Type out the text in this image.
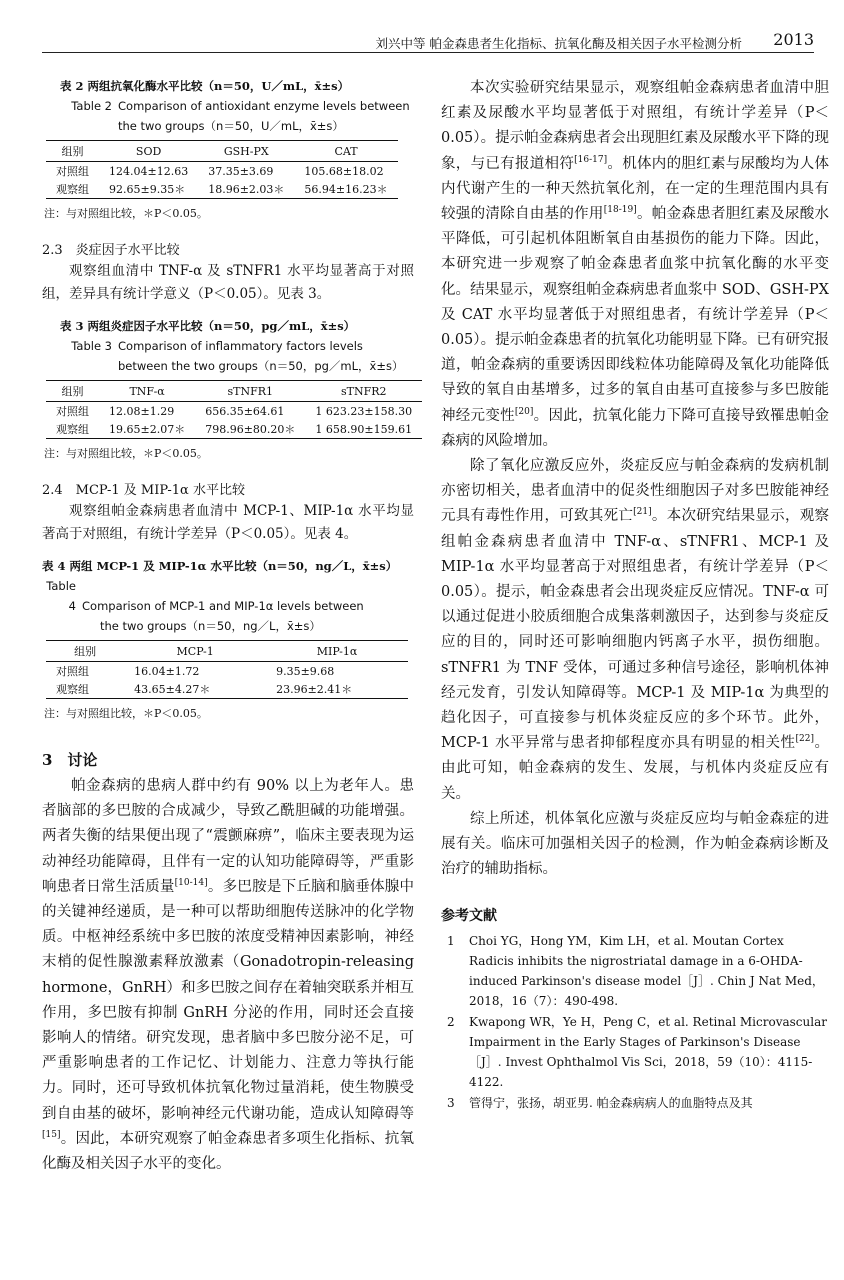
刘兴中等 帕金森患者生化指标、抗氧化酶及相关因子水平检测分析 2013
表 2 两组抗氧化酶水平比较（n＝50，U／mL，x̄±s）
Table 2 Comparison of antioxidant enzyme levels between
the two groups（n＝50，U／mL，x̄±s）
组别	SOD	GSH-PX	CAT
对照组	124.04±12.63	37.35±3.69	105.68±18.02
观察组	92.65±9.35＊	18.96±2.03＊	56.94±16.23＊
注：与对照组比较，＊P＜0.05。
2.3　炎症因子水平比较

观察组血清中 TNF-α 及 sTNFR1 水平均显著高于对照组，差异具有统计学意义（P＜0.05）。见表 3。

表 3 两组炎症因子水平比较（n＝50，pg／mL，x̄±s）
Table 3 Comparison of inflammatory factors levels
between the two groups（n＝50，pg／mL，x̄±s）
组别	TNF-α	sTNFR1	sTNFR2
对照组	12.08±1.29	656.35±64.61	1 623.23±158.30
观察组	19.65±2.07＊	798.96±80.20＊	1 658.90±159.61
注：与对照组比较，＊P＜0.05。
2.4　MCP-1 及 MIP-1α 水平比较

观察组帕金森病患者血清中 MCP-1、MIP-1α 水平均显著高于对照组，有统计学差异（P＜0.05）。见表 4。

表 4 两组 MCP-1 及 MIP-1α 水平比较（n＝50，ng／L，x̄±s）
Table 4 Comparison of MCP-1 and MIP-1α levels between
the two groups（n＝50，ng／L，x̄±s）
组别	MCP-1	MIP-1α
对照组	16.04±1.72	9.35±9.68
观察组	43.65±4.27＊	23.96±2.41＊
注：与对照组比较，＊P＜0.05。
3　讨论

帕金森病的患病人群中约有 90% 以上为老年人。患者脑部的多巴胺的合成减少，导致乙酰胆碱的功能增强。两者失衡的结果便出现了“震颤麻痹”，临床主要表现为运动神经功能障碍，且伴有一定的认知功能障碍等，严重影响患者日常生活质量[10-14]。多巴胺是下丘脑和脑垂体腺中的关键神经递质，是一种可以帮助细胞传送脉冲的化学物质。中枢神经系统中多巴胺的浓度受精神因素影响，神经末梢的促性腺激素释放激素（Gonadotropin-releasing hormone，GnRH）和多巴胺之间存在着轴突联系并相互作用，多巴胺有抑制 GnRH 分泌的作用，同时还会直接影响人的情绪。研究发现，患者脑中多巴胺分泌不足，可严重影响患者的工作记忆、计划能力、注意力等执行能力。同时，还可导致机体抗氧化物过量消耗，使生物膜受到自由基的破坏，影响神经元代谢功能，造成认知障碍等[15]。因此，本研究观察了帕金森患者多项生化指标、抗氧化酶及相关因子水平的变化。

本次实验研究结果显示，观察组帕金森病患者血清中胆红素及尿酸水平均显著低于对照组，有统计学差异（P＜0.05）。提示帕金森病患者会出现胆红素及尿酸水平下降的现象，与已有报道相符[16-17]。机体内的胆红素与尿酸均为人体内代谢产生的一种天然抗氧化剂，在一定的生理范围内具有较强的清除自由基的作用[18-19]。帕金森患者胆红素及尿酸水平降低，可引起机体阻断氧自由基损伤的能力下降。因此，本研究进一步观察了帕金森患者血浆中抗氧化酶的水平变化。结果显示，观察组帕金森病患者血浆中 SOD、GSH-PX 及 CAT 水平均显著低于对照组患者，有统计学差异（P＜0.05）。提示帕金森患者的抗氧化功能明显下降。已有研究报道，帕金森病的重要诱因即线粒体功能障碍及氧化功能降低导致的氧自由基增多，过多的氧自由基可直接参与多巴胺能神经元变性[20]。因此，抗氧化能力下降可直接导致罹患帕金森病的风险增加。

除了氧化应激反应外，炎症反应与帕金森病的发病机制亦密切相关，患者血清中的促炎性细胞因子对多巴胺能神经元具有毒性作用，可致其死亡[21]。本次研究结果显示，观察组帕金森病患者血清中 TNF-α、sTNFR1、MCP-1 及 MIP-1α 水平均显著高于对照组患者，有统计学差异（P＜0.05）。提示，帕金森患者会出现炎症反应情况。TNF-α 可以通过促进小胶质细胞合成集落刺激因子，达到参与炎症反应的目的，同时还可影响细胞内钙离子水平，损伤细胞。sTNFR1 为 TNF 受体，可通过多种信号途径，影响机体神经元发育，引发认知障碍等。MCP-1 及 MIP-1α 为典型的趋化因子，可直接参与机体炎症反应的多个环节。此外，MCP-1 水平异常与患者抑郁程度亦具有明显的相关性[22]。由此可知，帕金森病的发生、发展，与机体内炎症反应有关。

综上所述，机体氧化应激与炎症反应均与帕金森症的进展有关。临床可加强相关因子的检测，作为帕金森病诊断及治疗的辅助指标。

参考文献
1	Choi YG，Hong YM，Kim LH，et al. Moutan Cortex Radicis inhibits the nigrostriatal damage in a 6-OHDA-induced Parkinson's disease model［J］. Chin J Nat Med，2018，16（7）：490-498.
2	Kwapong WR，Ye H，Peng C，et al. Retinal Microvascular Impairment in the Early Stages of Parkinson's Disease［J］. Invest Ophthalmol Vis Sci，2018，59（10）：4115-4122.
3	管得宁，张扬，胡亚男. 帕金森病病人的血脂特点及其
